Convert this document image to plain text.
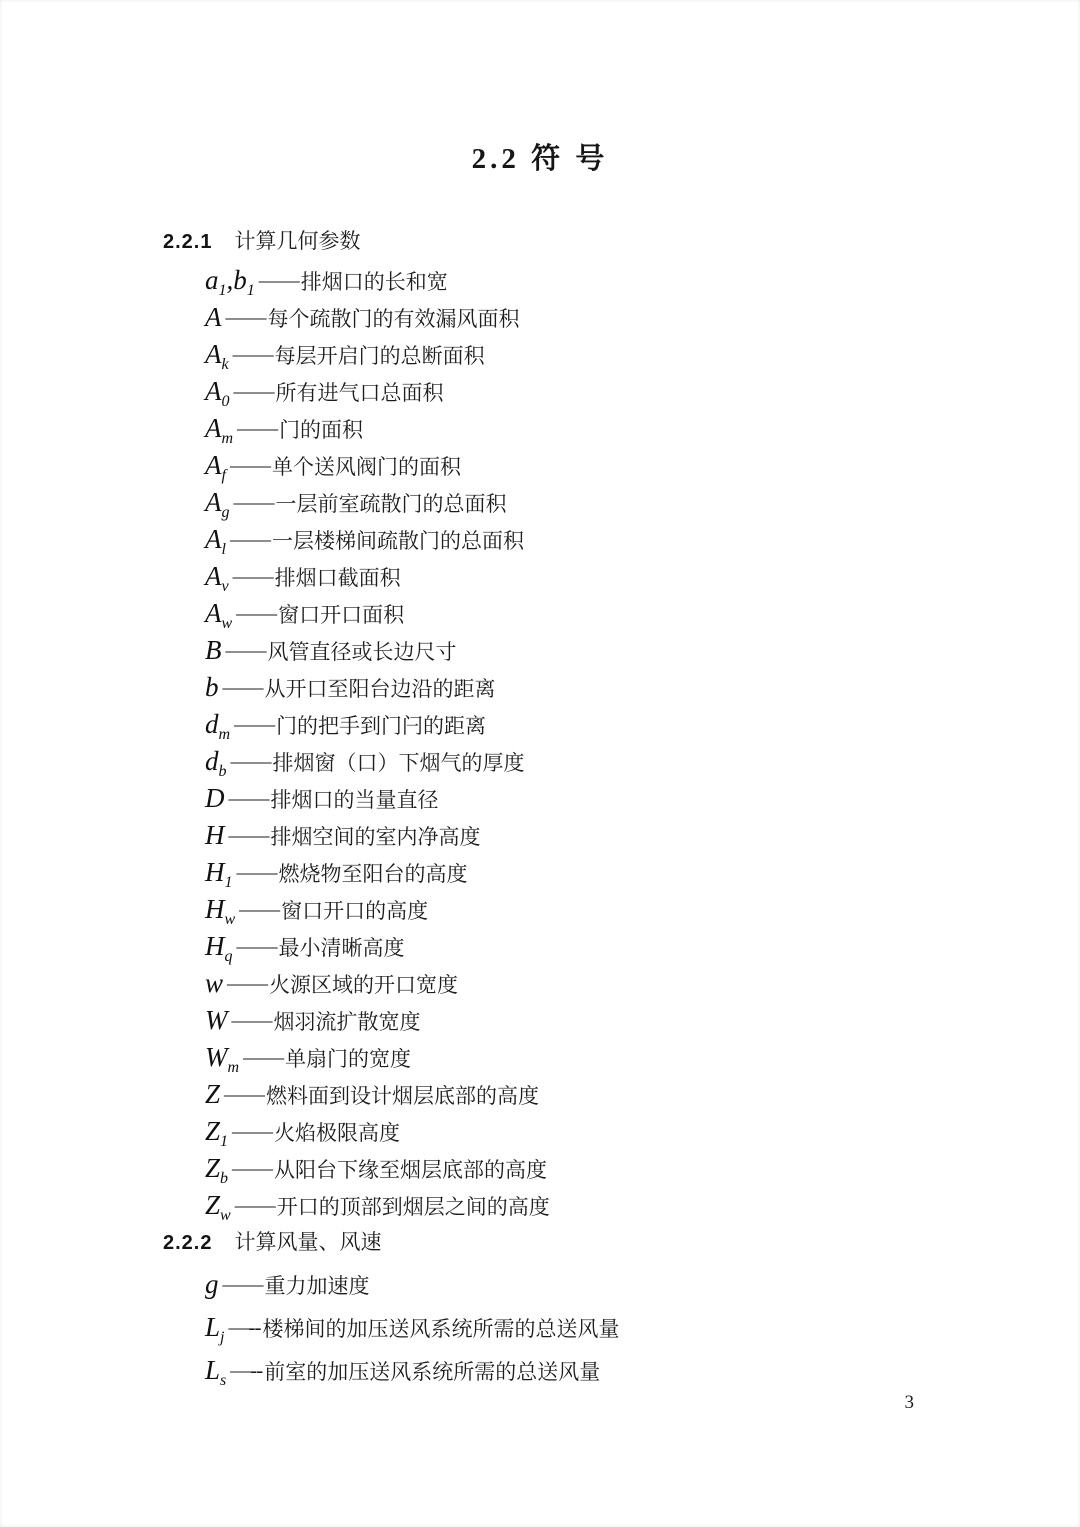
2.2 符 号
2.2.1 计算几何参数
$a_1,b_1$ —— 排烟口的长和宽
A —— 每个疏散门的有效漏风面积
$A_k$ —— 每层开启门的总断面积
$A_0$ —— 所有进气口总面积
$A_m$ —— 门的面积
$A_f$ —— 单个送风阀门的面积
$A_g$ —— 一层前室疏散门的总面积
$A_l$ —— 一层楼梯间疏散门的总面积
$A_v$ —— 排烟口截面积
$A_w$ —— 窗口开口面积
B —— 风管直径或长边尺寸
b —— 从开口至阳台边沿的距离
$d_m$ —— 门的把手到门闩的距离
$d_b$ —— 排烟窗（口）下烟气的厚度
D —— 排烟口的当量直径
H —— 排烟空间的室内净高度
$H_1$ —— 燃烧物至阳台的高度
$H_w$ —— 窗口开口的高度
$H_q$ —— 最小清晰高度
w —— 火源区域的开口宽度
W —— 烟羽流扩散宽度
$W_m$ —— 单扇门的宽度
Z —— 燃料面到设计烟层底部的高度
$Z_1$ —— 火焰极限高度
$Z_b$ —— 从阳台下缘至烟层底部的高度
$Z_w$ —— 开口的顶部到烟层之间的高度
2.2.2 计算风量、风速
g —— 重力加速度
$L_j$ —-- 楼梯间的加压送风系统所需的总送风量
$L_s$ —-- 前室的加压送风系统所需的总送风量
3
